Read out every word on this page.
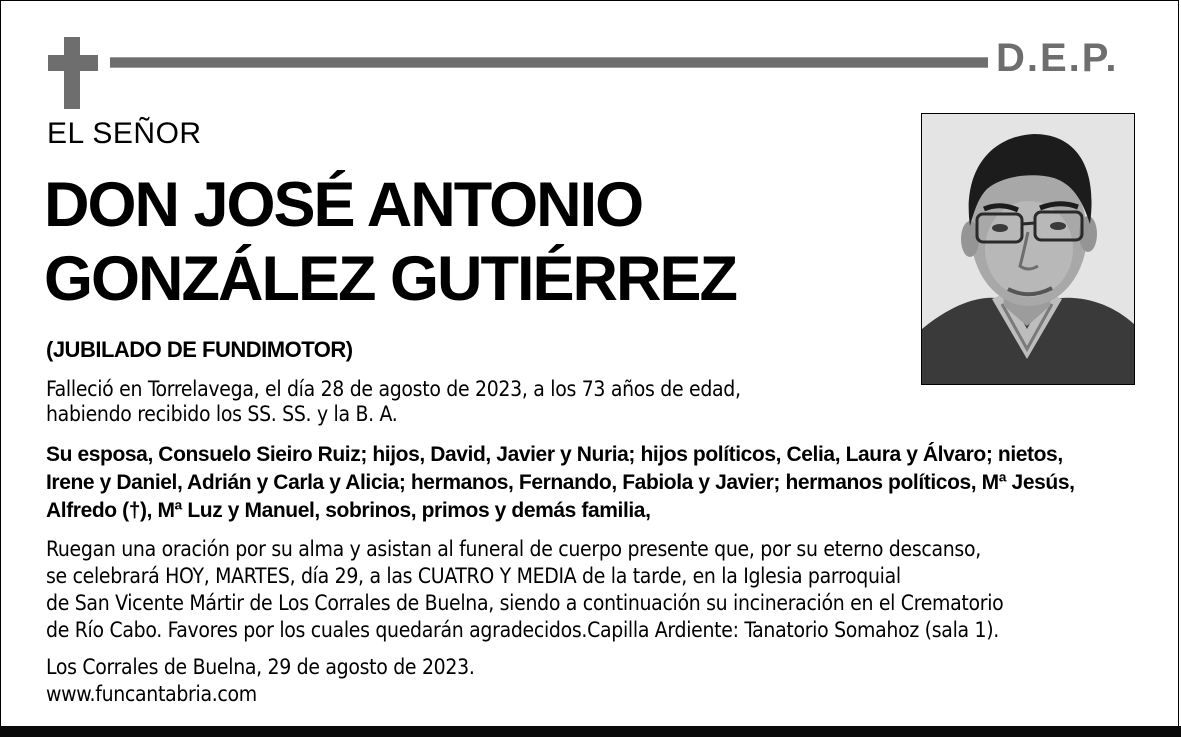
D.E.P.
EL SEÑOR
DON JOSÉ ANTONIO
GONZÁLEZ GUTIÉRREZ
(JUBILADO DE FUNDIMOTOR)
Falleció en Torrelavega, el día 28 de agosto de 2023, a los 73 años de edad,
habiendo recibido los SS. SS. y la B. A.
Su esposa, Consuelo Sieiro Ruiz; hijos, David, Javier y Nuria; hijos políticos, Celia, Laura y Álvaro; nietos,
Irene y Daniel, Adrián y Carla y Alicia; hermanos, Fernando, Fabiola y Javier; hermanos políticos, Mª Jesús,
Alfredo (†), Mª Luz y Manuel, sobrinos, primos y demás familia,
Ruegan una oración por su alma y asistan al funeral de cuerpo presente que, por su eterno descanso,
se celebrará HOY, MARTES, día 29, a las CUATRO Y MEDIA de la tarde, en la Iglesia parroquial
de San Vicente Mártir de Los Corrales de Buelna, siendo a continuación su incineración en el Crematorio
de Río Cabo. Favores por los cuales quedarán agradecidos.Capilla Ardiente: Tanatorio Somahoz (sala 1).
Los Corrales de Buelna, 29 de agosto de 2023.
www.funcantabria.com
